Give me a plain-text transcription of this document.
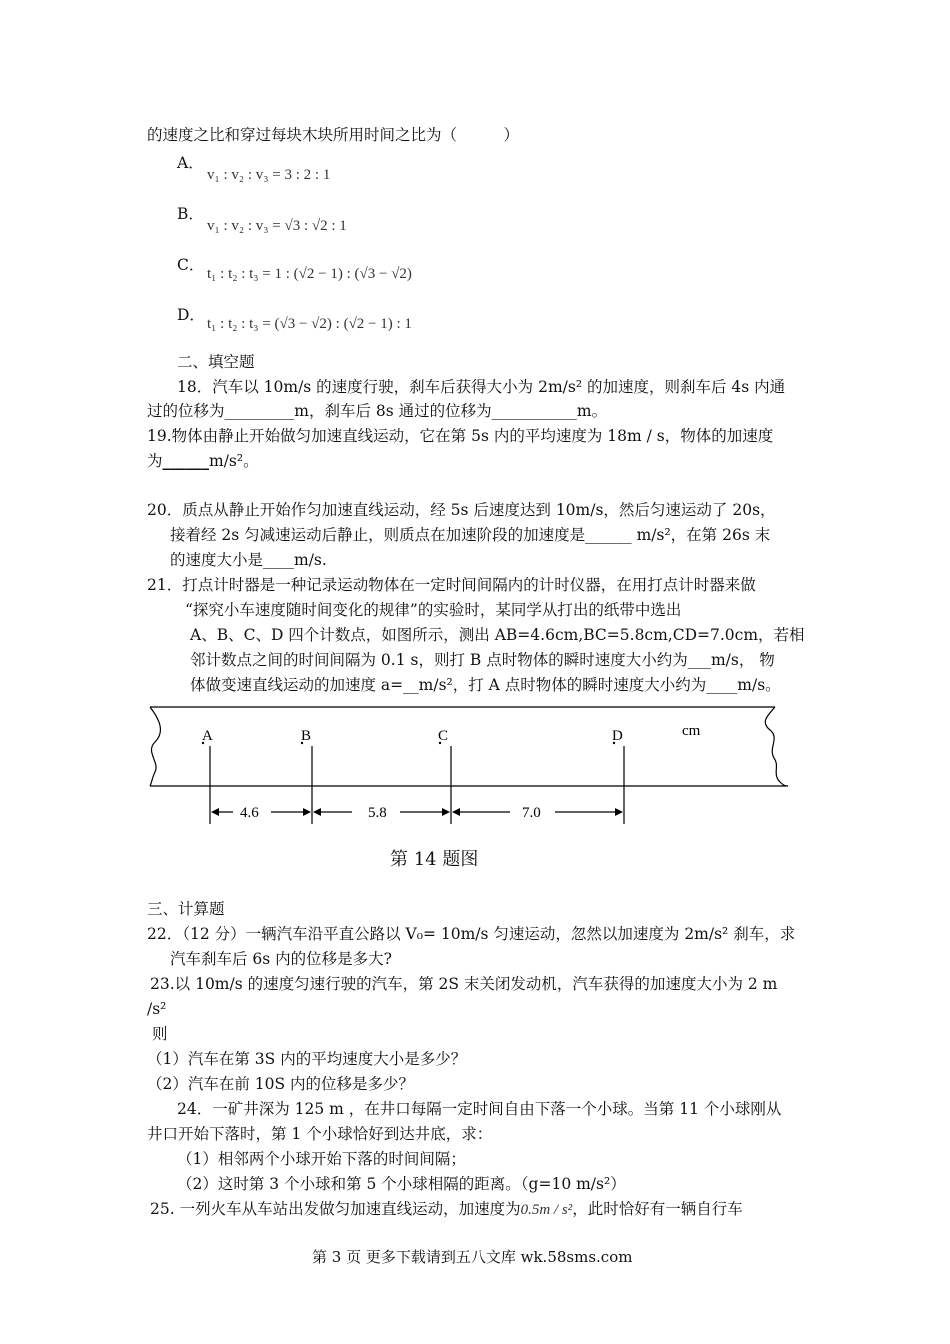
的速度之比和穿过每块木块所用时间之比为（　　　）
A．
v₁ : v₂ : v₃ = 3 : 2 : 1
B．
v₁ : v₂ : v₃ = √3 : √2 : 1
C． t₁ : t₂ : t₃ = 1 : (√2 − 1) : (√3 − √2)
D． t₁ : t₂ : t₃ = (√3 − √2) : (√2 − 1) : 1
二、填空题
18．汽车以 10m/s 的速度行驶，刹车后获得大小为 2m/s² 的加速度，则刹车后 4s 内通
过的位移为_________m，刹车后 8s 通过的位移为___________m。
19.物体由静止开始做匀加速直线运动，它在第 5s 内的平均速度为 18m / s，物体的加速度
为______m/s²。
20．质点从静止开始作匀加速直线运动，经 5s 后速度达到 10m/s，然后匀速运动了 20s，
接着经 2s 匀减速运动后静止，则质点在加速阶段的加速度是______ m/s²，在第 26s 末
的速度大小是____m/s.
21．打点计时器是一种记录运动物体在一定时间间隔内的计时仪器，在用打点计时器来做
“探究小车速度随时间变化的规律”的实验时，某同学从打出的纸带中选出
A、B、C、D 四个计数点，如图所示，测出 AB=4.6cm,BC=5.8cm,CD=7.0cm，若相
邻计数点之间的时间间隔为 0.1 s，则打 B 点时物体的瞬时速度大小约为___m/s， 物
体做变速直线运动的加速度 a=__m/s²，打 A 点时物体的瞬时速度大小约为____m/s。
A	B	C	D	cm
4.6	5.8	7.0
第 14 题图
三、计算题
22．（12 分）一辆汽车沿平直公路以 V₀= 10m/s 匀速运动，忽然以加速度为 2m/s² 刹车，求
汽车刹车后 6s 内的位移是多大?
23.以 10m/s 的速度匀速行驶的汽车，第 2S 末关闭发动机，汽车获得的加速度大小为 2 m
/s²
则
（1）汽车在第 3S 内的平均速度大小是多少？
（2）汽车在前 10S 内的位移是多少？
24．一矿井深为 125 m ，在井口每隔一定时间自由下落一个小球。当第 11 个小球刚从
井口开始下落时，第 1 个小球恰好到达井底，求：
（1）相邻两个小球开始下落的时间间隔；
（2）这时第 3 个小球和第 5 个小球相隔的距离。（g=10 m/s²）
25. 一列火车从车站出发做匀加速直线运动，加速度为0.5m / s²，此时恰好有一辆自行车
第 3 页 更多下载请到五八文库 wk.58sms.com
